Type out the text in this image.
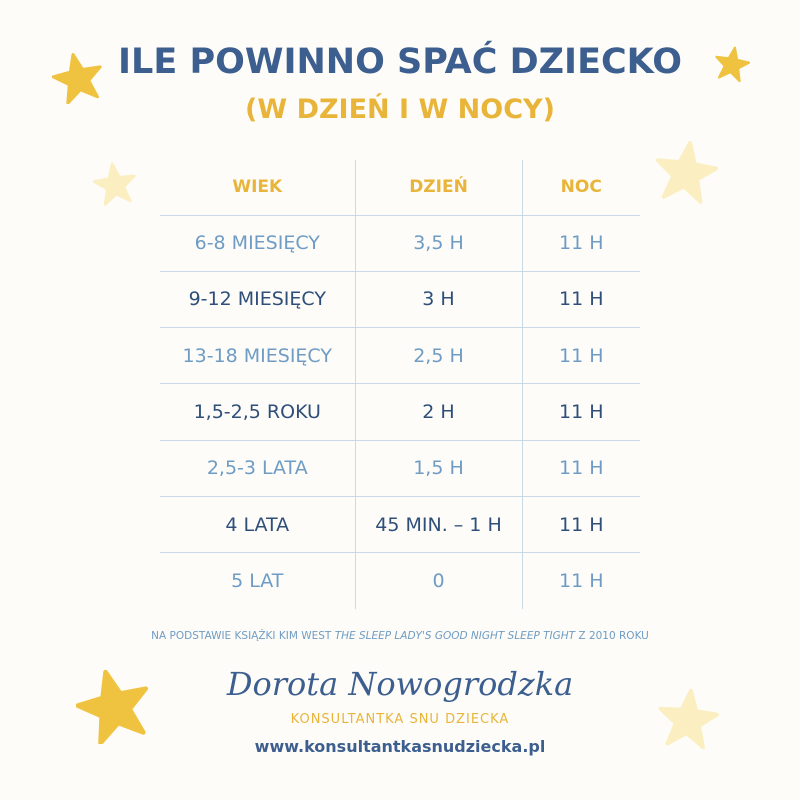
ILE POWINNO SPAĆ DZIECKO
(W DZIEŃ I W NOCY)
WIEK	DZIEŃ	NOC
6-8 MIESIĘCY	3,5 H	11 H
9-12 MIESIĘCY	3 H	11 H
13-18 MIESIĘCY	2,5 H	11 H
1,5-2,5 ROKU	2 H	11 H
2,5-3 LATA	1,5 H	11 H
4 LATA	45 MIN. – 1 H	11 H
5 LAT	0	11 H
NA PODSTAWIE KSIĄŻKI KIM WEST THE SLEEP LADY'S GOOD NIGHT SLEEP TIGHT Z 2010 ROKU
Dorota Nowogrodzka
KONSULTANTKA SNU DZIECKA
www.konsultantkasnudziecka.pl
